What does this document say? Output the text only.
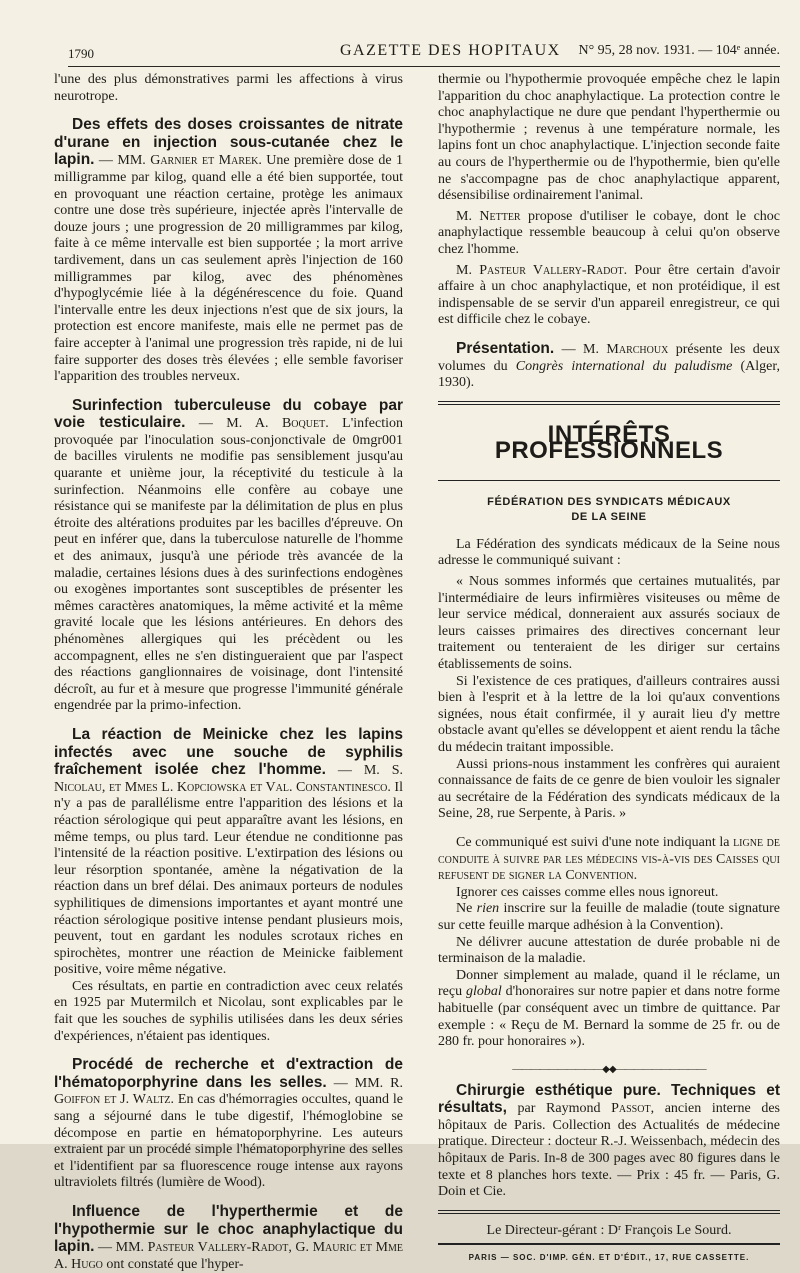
1790	GAZETTE DES HOPITAUX N° 95, 28 nov. 1931. — 104ᵉ année.

l'une des plus démonstratives parmi les affections à virus neurotrope.

Des effets des doses croissantes de nitrate d'urane en injection sous-cutanée chez le lapin. — MM. Garnier et Marek. Une première dose de 1 milligramme par kilog, quand elle a été bien supportée, tout en provoquant une réaction certaine, protège les animaux contre une dose très supérieure, injectée après l'intervalle de douze jours ; une progression de 20 milligrammes par kilog, faite à ce même intervalle est bien supportée ; la mort arrive tardivement, dans un cas seulement après l'injection de 160 milligrammes par kilog, avec des phénomènes d'hypoglycémie liée à la dégénérescence du foie. Quand l'intervalle entre les deux injections n'est que de six jours, la protection est encore manifeste, mais elle ne permet pas de faire accepter à l'animal une progression très rapide, ni de lui faire supporter des doses très élevées ; elle semble favoriser l'apparition des troubles nerveux.

Surinfection tuberculeuse du cobaye par voie testiculaire. — M. A. Boquet. L'infection provoquée par l'inoculation sous-conjonctivale de 0mgr001 de bacilles virulents ne modifie pas sensiblement jusqu'au quarante et unième jour, la réceptivité du testicule à la surinfection. Néanmoins elle confère au cobaye une résistance qui se manifeste par la délimitation de plus en plus étroite des altérations produites par les bacilles d'épreuve. On peut en inférer que, dans la tuberculose naturelle de l'homme et des animaux, jusqu'à une période très avancée de la maladie, certaines lésions dues à des surinfections endogènes ou exogènes importantes sont susceptibles de présenter les mêmes caractères anatomiques, la même activité et la même gravité locale que les lésions antérieures. En dehors des phénomènes allergiques qui les précèdent ou les accompagnent, elles ne s'en distingueraient que par l'aspect des réactions ganglionnaires de voisinage, dont l'intensité décroît, au fur et à mesure que progresse l'immunité générale engendrée par la primo-infection.

La réaction de Meinicke chez les lapins infectés avec une souche de syphilis fraîchement isolée chez l'homme. — M. S. Nicolau, et Mmes L. Kopciowska et Val. Constantinesco. Il n'y a pas de parallélisme entre l'apparition des lésions et la réaction sérologique qui peut apparaître avant les lésions, en même temps, ou plus tard. Leur étendue ne conditionne pas l'intensité de la réaction positive. L'extirpation des lésions ou leur résorption spontanée, amène la négativation de la réaction dans un bref délai. Des animaux porteurs de nodules syphilitiques de dimensions importantes et ayant montré une réaction sérologique positive intense pendant plusieurs mois, peuvent, tout en gardant les nodules scrotaux riches en spirochètes, montrer une réaction de Meinicke faiblement positive, voire même négative.

Ces résultats, en partie en contradiction avec ceux relatés en 1925 par Mutermilch et Nicolau, sont explicables par le fait que les souches de syphilis utilisées dans les deux séries d'expériences, n'étaient pas identiques.

Procédé de recherche et d'extraction de l'hématoporphyrine dans les selles. — MM. R. Goiffon et J. Waltz. En cas d'hémorragies occultes, quand le sang a séjourné dans le tube digestif, l'hémoglobine se décompose en partie en hématoporphyrine. Les auteurs extraient par un procédé simple l'hématoporphyrine des selles et l'identifient par sa fluorescence rouge intense aux rayons ultraviolets filtrés (lumière de Wood).

Influence de l'hyperthermie et de l'hypothermie sur le choc anaphylactique du lapin. — MM. Pasteur Vallery-Radot, G. Mauric et Mme A. Hugo ont constaté que l'hyper-

thermie ou l'hypothermie provoquée empêche chez le lapin l'apparition du choc anaphylactique. La protection contre le choc anaphylactique ne dure que pendant l'hyperthermie ou l'hypothermie ; revenus à une température normale, les lapins font un choc anaphylactique. L'injection seconde faite au cours de l'hyperthermie ou de l'hypothermie, bien qu'elle ne s'accompagne pas de choc anaphylactique apparent, désensibilise ordinairement l'animal.

M. Netter propose d'utiliser le cobaye, dont le choc anaphylactique ressemble beaucoup à celui qu'on observe chez l'homme.

M. Pasteur Vallery-Radot. Pour être certain d'avoir affaire à un choc anaphylactique, et non protéidique, il est indispensable de se servir d'un appareil enregistreur, ce qui est difficile chez le cobaye.

Présentation. — M. Marchoux présente les deux volumes du Congrès international du paludisme (Alger, 1930).

INTÉRÊTS PROFESSIONNELS
FÉDÉRATION DES SYNDICATS MÉDICAUX
DE LA SEINE

La Fédération des syndicats médicaux de la Seine nous adresse le communiqué suivant :

« Nous sommes informés que certaines mutualités, par l'intermédiaire de leurs infirmières visiteuses ou même de leur service médical, donneraient aux assurés sociaux de leurs caisses primaires des directives concernant leur traitement ou tenteraient de les diriger sur certains établissements de soins.

Si l'existence de ces pratiques, d'ailleurs contraires aussi bien à l'esprit et à la lettre de la loi qu'aux conventions signées, nous était confirmée, il y aurait lieu d'y mettre obstacle avant qu'elles se développent et aient rendu la tâche du médecin traitant impossible.

Aussi prions-nous instamment les confrères qui auraient connaissance de faits de ce genre de bien vouloir les signaler au secrétaire de la Fédération des syndicats médicaux de la Seine, 28, rue Serpente, à Paris. »

Ce communiqué est suivi d'une note indiquant la ligne de conduite à suivre par les médecins vis-à-vis des Caisses qui refusent de signer la Convention.

Ignorer ces caisses comme elles nous ignoreut.

Ne rien inscrire sur la feuille de maladie (toute signature sur cette feuille marque adhésion à la Convention).

Ne délivrer aucune attestation de durée probable ni de terminaison de la maladie.

Donner simplement au malade, quand il le réclame, un reçu global d'honoraires sur notre papier et dans notre forme habituelle (par conséquent avec un timbre de quittance. Par exemple : « Reçu de M. Bernard la somme de 25 fr. ou de 280 fr. pour honoraires »).

——————————◆◆——————————

Chirurgie esthétique pure. Techniques et résultats, par Raymond Passot, ancien interne des hôpitaux de Paris. Collection des Actualités de médecine pratique. Directeur : docteur R.-J. Weissenbach, médecin des hôpitaux de Paris. In-8 de 300 pages avec 80 figures dans le texte et 8 planches hors texte. — Prix : 45 fr. — Paris, G. Doin et Cie.

Le Directeur-gérant : Dʳ François Le Sourd.
PARIS — SOC. D'IMP. GÉN. ET D'ÉDIT., 17, RUE CASSETTE.
